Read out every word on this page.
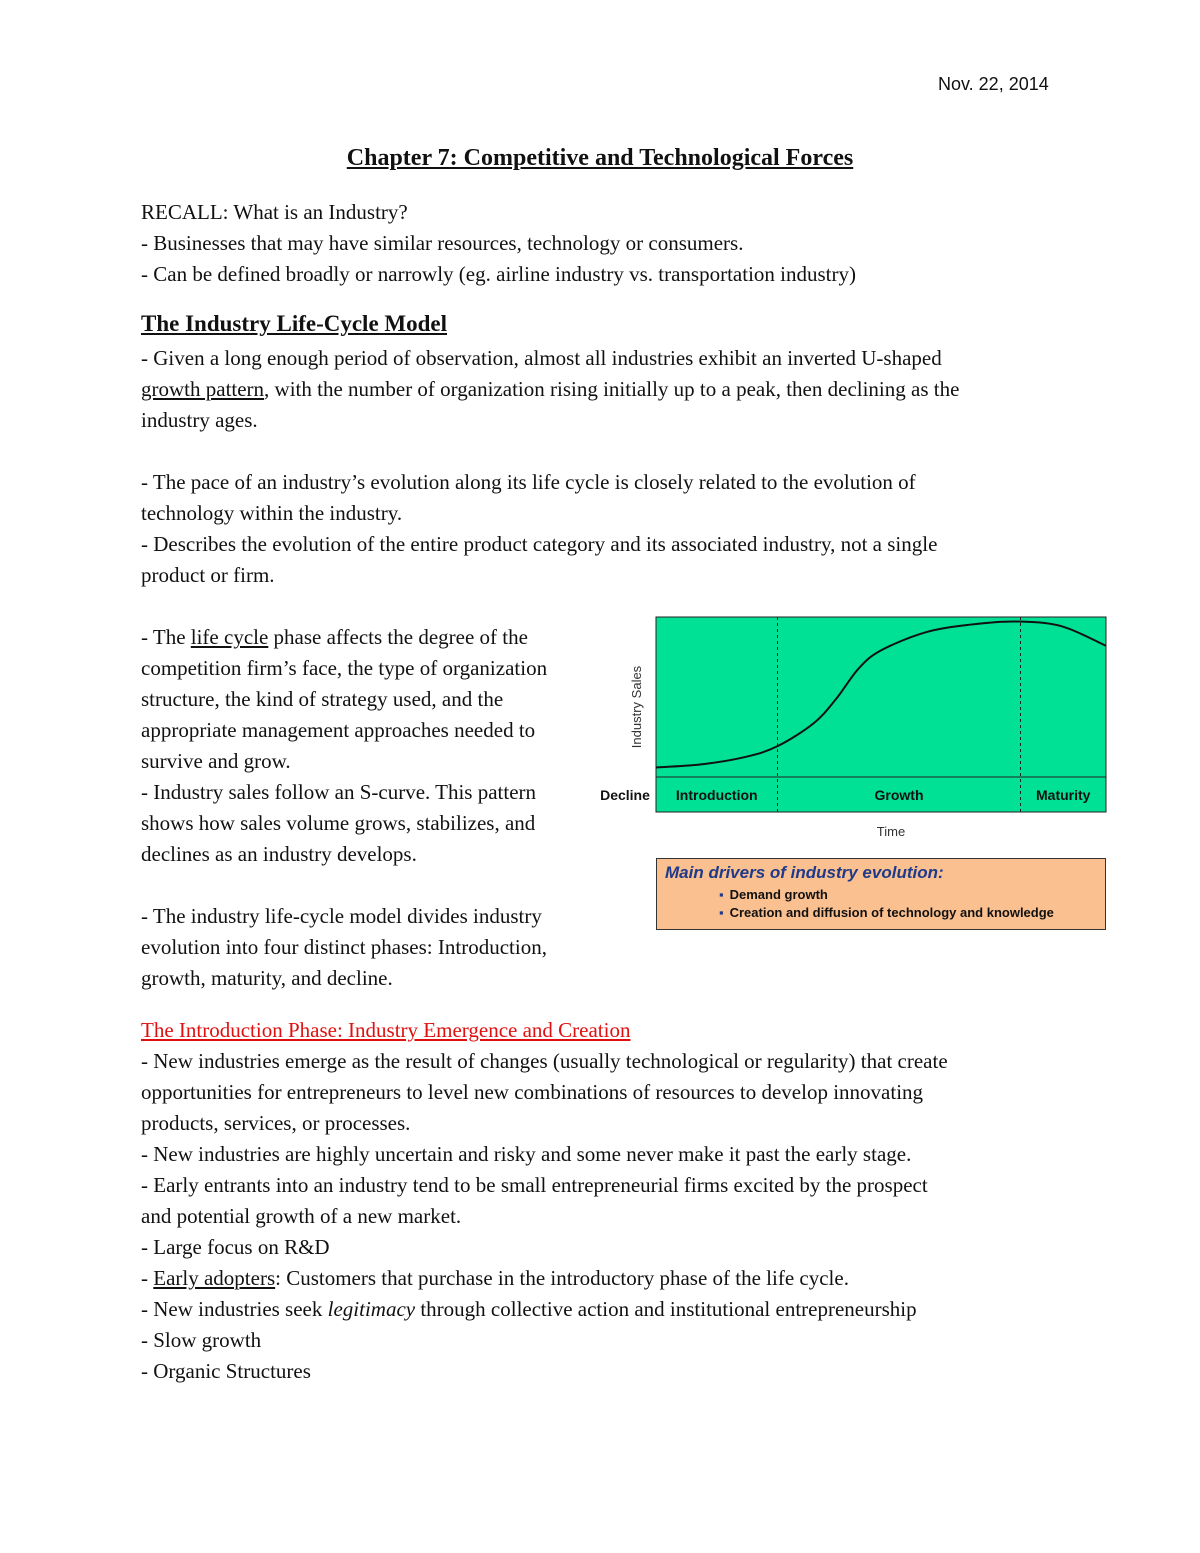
Nov. 22, 2014
Chapter 7: Competitive and Technological Forces
RECALL: What is an Industry?
- Businesses that may have similar resources, technology or consumers.
- Can be defined broadly or narrowly (eg. airline industry vs. transportation industry)
The Industry Life-Cycle Model
- Given a long enough period of observation, almost all industries exhibit an inverted U-shaped
growth pattern, with the number of organization rising initially up to a peak, then declining as the
industry ages.
- The pace of an industry’s evolution along its life cycle is closely related to the evolution of
technology within the industry.
- Describes the evolution of the entire product category and its associated industry, not a single
product or firm.
- The life cycle phase affects the degree of the
competition firm’s face, the type of organization
structure, the kind of strategy used, and the
appropriate management approaches needed to
survive and grow.
- Industry sales follow an S-curve. This pattern
shows how sales volume grows, stabilizes, and
declines as an industry develops.
- The industry life-cycle model divides industry
evolution into four distinct phases: Introduction,
growth, maturity, and decline.
Introduction	Growth	Maturity
Decline
Industry Sales
Time
Main drivers of industry evolution:
▪ Demand growth
▪ Creation and diffusion of technology and knowledge
The Introduction Phase: Industry Emergence and Creation
- New industries emerge as the result of changes (usually technological or regularity) that create
opportunities for entrepreneurs to level new combinations of resources to develop innovating
products, services, or processes.
- New industries are highly uncertain and risky and some never make it past the early stage.
- Early entrants into an industry tend to be small entrepreneurial firms excited by the prospect
and potential growth of a new market.
- Large focus on R&D
- Early adopters: Customers that purchase in the introductory phase of the life cycle.
- New industries seek legitimacy through collective action and institutional entrepreneurship
- Slow growth
- Organic Structures
